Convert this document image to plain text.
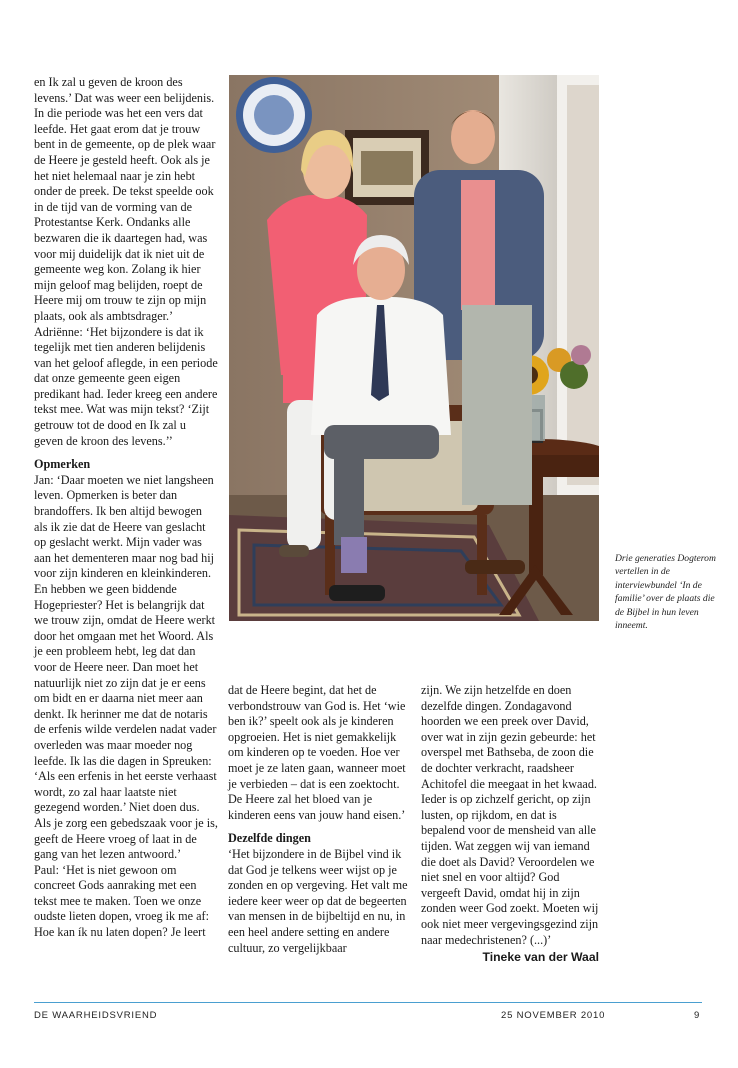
en Ik zal u geven de kroon des levens.’ Dat was weer een belijdenis. In die periode was het een vers dat leefde. Het gaat erom dat je trouw bent in de gemeente, op de plek waar de Heere je gesteld heeft. Ook als je het niet helemaal naar je zin hebt onder de preek. De tekst speelde ook in de tijd van de vorming van de Protestantse Kerk. Ondanks alle bezwaren die ik daartegen had, was voor mij duidelijk dat ik niet uit de gemeente weg kon. Zolang ik hier mijn geloof mag belijden, roept de Heere mij om trouw te zijn op mijn plaats, ook als ambtsdrager.’

Adriënne: ‘Het bijzondere is dat ik tegelijk met tien anderen belijdenis van het geloof aflegde, in een periode dat onze gemeente geen eigen predikant had. Ieder kreeg een andere tekst mee. Wat was mijn tekst? ‘Zijt getrouw tot de dood en Ik zal u geven de kroon des levens.’’

Opmerken

Jan: ‘Daar moeten we niet langsheen leven. Opmerken is beter dan brandoffers. Ik ben altijd bewogen als ik zie dat de Heere van geslacht op geslacht werkt. Mijn vader was aan het dementeren maar nog bad hij voor zijn kinderen en kleinkinderen. En hebben we geen biddende Hogepriester? Het is belangrijk dat we trouw zijn, omdat de Heere werkt door het omgaan met het Woord. Als je een probleem hebt, leg dat dan voor de Heere neer. Dan moet het natuurlijk niet zo zijn dat je er eens om bidt en er daarna niet meer aan denkt. Ik herinner me dat de notaris de erfenis wilde verdelen nadat vader overleden was maar moeder nog leefde. Ik las die dagen in Spreuken: ‘Als een erfenis in het eerste verhaast wordt, zo zal haar laatste niet gezegend worden.’ Niet doen dus. Als je zorg een gebedszaak voor je is, geeft de Heere vroeg of laat in de gang van het lezen antwoord.’

Paul: ‘Het is niet gewoon om concreet Gods aanraking met een tekst mee te maken. Toen we onze oudste lieten dopen, vroeg ik me af: Hoe kan ík nu laten dopen? Je leert

Drie generaties Dogterom vertellen in de interviewbundel ‘In de familie’ over de plaats die de Bijbel in hun leven inneemt.

dat de Heere begint, dat het de verbondstrouw van God is. Het ‘wie ben ik?’ speelt ook als je kinderen opgroeien. Het is niet gemakkelijk om kinderen op te voeden. Hoe ver moet je ze laten gaan, wanneer moet je verbieden – dat is een zoektocht. De Heere zal het bloed van je kinderen eens van jouw hand eisen.’

Dezelfde dingen

‘Het bijzondere in de Bijbel vind ik dat God je telkens weer wijst op je zonden en op vergeving. Het valt me iedere keer weer op dat de begeerten van mensen in de bijbeltijd en nu, in een heel andere setting en andere cultuur, zo vergelijkbaar

zijn. We zijn hetzelfde en doen dezelfde dingen. Zondagavond hoorden we een preek over David, over wat in zijn gezin gebeurde: het overspel met Bathseba, de zoon die de dochter verkracht, raadsheer Achitofel die meegaat in het kwaad. Ieder is op zichzelf gericht, op zijn lusten, op rijkdom, en dat is bepalend voor de mensheid van alle tijden. Wat zeggen wij van iemand die doet als David? Veroordelen we niet snel en voor altijd? God vergeeft David, omdat hij in zijn zonden weer God zoekt. Moeten wij ook niet meer vergevingsgezind zijn naar medechristenen? (...)’

Tineke van der Waal

DE WAARHEIDSVRIEND	25 NOVEMBER 2010	9
